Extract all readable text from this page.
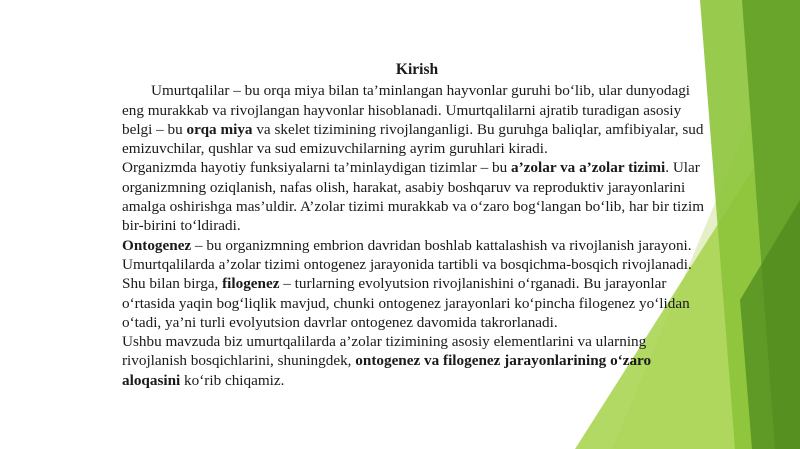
Kirish

Umurtqalilar – bu orqa miya bilan ta’minlangan hayvonlar guruhi bo‘lib, ular dunyodagi eng murakkab va rivojlangan hayvonlar hisoblanadi. Umurtqalilarni ajratib turadigan asosiy belgi – bu orqa miya va skelet tizimining rivojlanganligi. Bu guruhga baliqlar, amfibiyalar, sud emizuvchilar, qushlar va sud emizuvchilarning ayrim guruhlari kiradi.

Organizmda hayotiy funksiyalarni ta’minlaydigan tizimlar – bu a’zolar va a’zolar tizimi. Ular organizmning oziqlanish, nafas olish, harakat, asabiy boshqaruv va reproduktiv jarayonlarini amalga oshirishga mas’uldir. A’zolar tizimi murakkab va o‘zaro bog‘langan bo‘lib, har bir tizim bir-birini to‘ldiradi.

Ontogenez – bu organizmning embrion davridan boshlab kattalashish va rivojlanish jarayoni. Umurtqalilarda a’zolar tizimi ontogenez jarayonida tartibli va bosqichma-bosqich rivojlanadi. Shu bilan birga, filogenez – turlarning evolyutsion rivojlanishini o‘rganadi. Bu jarayonlar o‘rtasida yaqin bog‘liqlik mavjud, chunki ontogenez jarayonlari ko‘pincha filogenez yo‘lidan o‘tadi, ya’ni turli evolyutsion davrlar ontogenez davomida takrorlanadi.

Ushbu mavzuda biz umurtqalilarda a’zolar tizimining asosiy elementlarini va ularning rivojlanish bosqichlarini, shuningdek, ontogenez va filogenez jarayonlarining o‘zaro aloqasini ko‘rib chiqamiz.
